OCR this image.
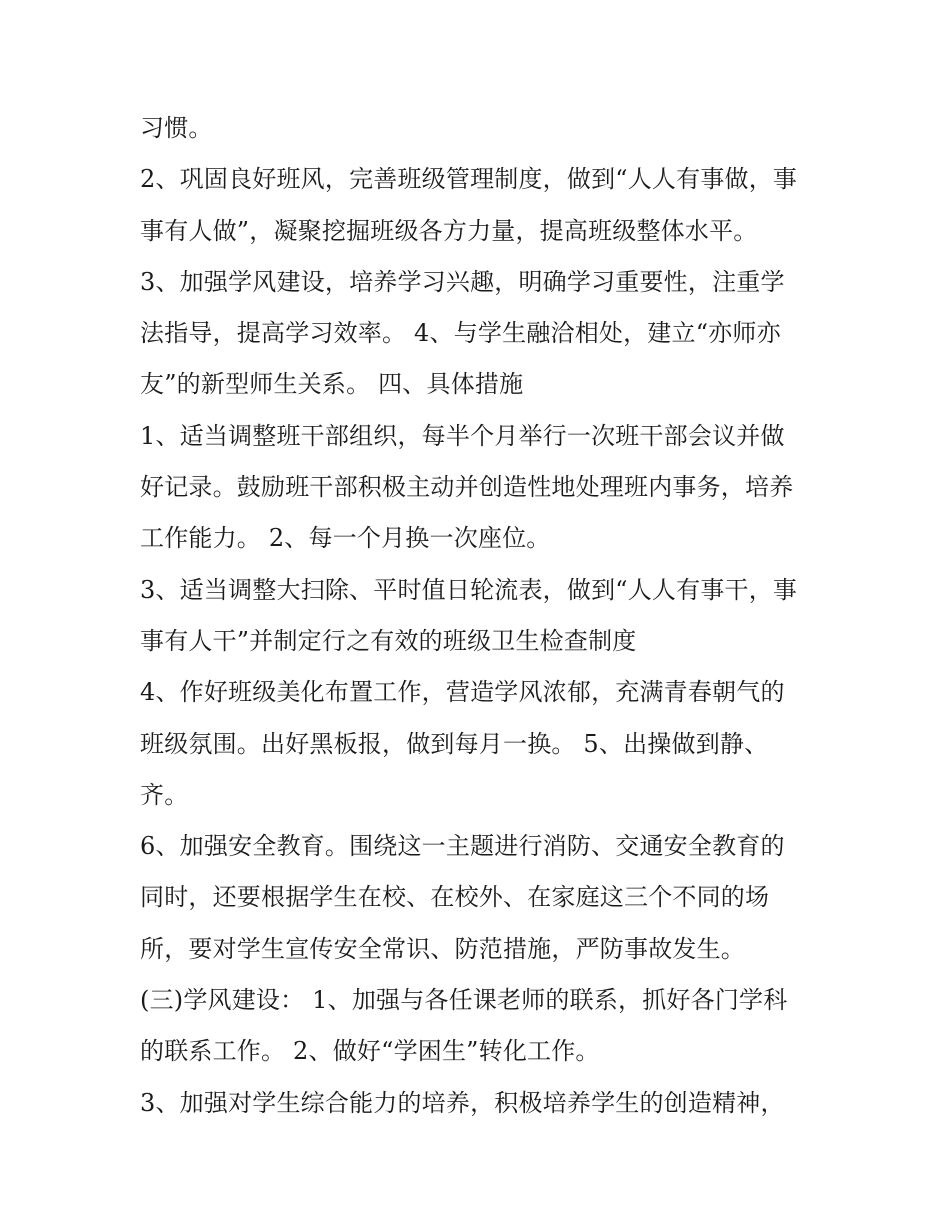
习惯。
2、巩固良好班风，完善班级管理制度，做到“人人有事做，事
事有人做”，凝聚挖掘班级各方力量，提高班级整体水平。
3、加强学风建设，培养学习兴趣，明确学习重要性，注重学
法指导，提高学习效率。 4、与学生融洽相处，建立“亦师亦
友”的新型师生关系。 四、具体措施
1、适当调整班干部组织，每半个月举行一次班干部会议并做
好记录。鼓励班干部积极主动并创造性地处理班内事务，培养
工作能力。 2、每一个月换一次座位。
3、适当调整大扫除、平时值日轮流表，做到“人人有事干，事
事有人干”并制定行之有效的班级卫生检查制度
4、作好班级美化布置工作，营造学风浓郁，充满青春朝气的
班级氛围。出好黑板报，做到每月一换。 5、出操做到静、
齐。
6、加强安全教育。围绕这一主题进行消防、交通安全教育的
同时，还要根据学生在校、在校外、在家庭这三个不同的场
所，要对学生宣传安全常识、防范措施，严防事故发生。
(三)学风建设： 1、加强与各任课老师的联系，抓好各门学科
的联系工作。 2、做好“学困生”转化工作。
3、加强对学生综合能力的培养，积极培养学生的创造精神，
